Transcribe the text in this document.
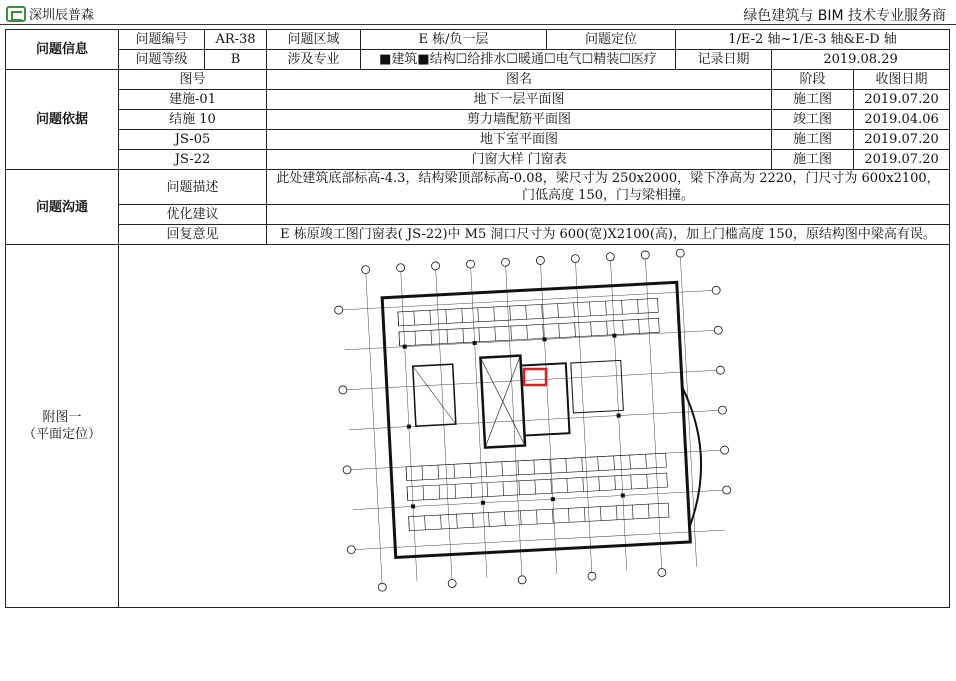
深圳辰普森	绿色建筑与 BIM 技术专业服务商
问题信息	问题编号	AR-38	问题区域	E 栋/负一层	问题定位	1/E-2 轴~1/E-3 轴&E-D 轴		
	问题等级	B	涉及专业	■建筑■结构☐给排水☐暖通☐电气☐精装☐医疗		记录日期	2019.08.29	
问题依据	图号		图名				阶段	收图日期
	建施-01		地下一层平面图				施工图	2019.07.20
	结施 10		剪力墙配筋平面图				竣工图	2019.04.06
	JS-05		地下室平面图				施工图	2019.07.20
	JS-22		门窗大样 门窗表				施工图	2019.07.20
问题沟通	问题描述		此处建筑底部标高-4.3，结构梁顶部标高-0.08，梁尺寸为 250x2000，梁下净高为 2220，门尺寸为 600x2100，门低高度 150，门与梁相撞。					
	优化建议							
	回复意见		E 栋原竣工图门窗表( JS-22)中 M5 洞口尺寸为 600(宽)X2100(高)，加上门槛高度 150，原结构图中梁高有误。					

附图一
（平面定位）
